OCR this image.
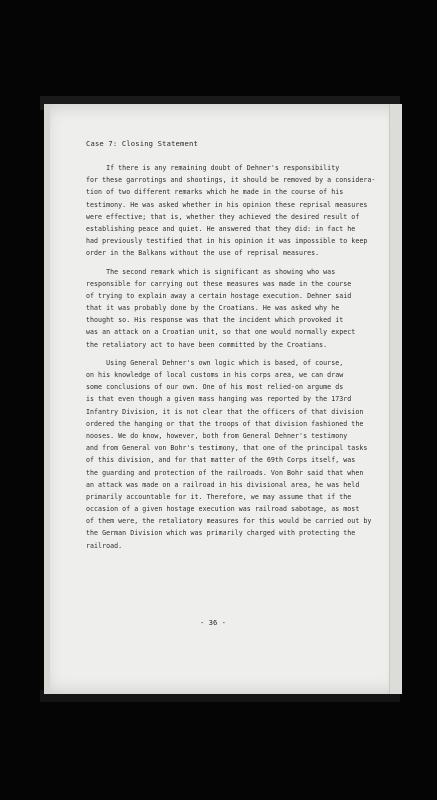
Case 7: Closing Statement
If there is any remaining doubt of Dehner's responsibility
for these garrotings and shootings, it should be removed by a considera-
tion of two different remarks which he made in the course of his
testimony. He was asked whether in his opinion these reprisal measures
were effective; that is, whether they achieved the desired result of
establishing peace and quiet. He answered that they did: in fact he
had previously testified that in his opinion it was impossible to keep
order in the Balkans without the use of reprisal measures.
The second remark which is significant as showing who was
responsible for carrying out these measures was made in the course
of trying to explain away a certain hostage execution. Dehner said
that it was probably done by the Croatians. He was asked why he
thought so. His response was that the incident which provoked it
was an attack on a Croatian unit, so that one would normally expect
the retaliatory act to have been committed by the Croatians.
Using General Dehner's own logic which is based, of course,
on his knowledge of local customs in his corps area, we can draw
some conclusions of our own. One of his most relied-on argume ds
is that even though a given mass hanging was reported by the 173rd
Infantry Division, it is not clear that the officers of that division
ordered the hanging or that the troops of that division fashioned the
nooses. We do know, however, both from General Dehner's testimony
and from General von Bohr's testimony, that one of the principal tasks
of this division, and for that matter of the 69th Corps itself, was
the guarding and protection of the railroads. Von Bohr said that when
an attack was made on a railroad in his divisional area, he was held
primarily accountable for it. Therefore, we may assume that if the
occasion of a given hostage execution was railroad sabotage, as most
of them were, the retaliatory measures for this would be carried out by
the German Division which was primarily charged with protecting the
railroad.
- 36 -
